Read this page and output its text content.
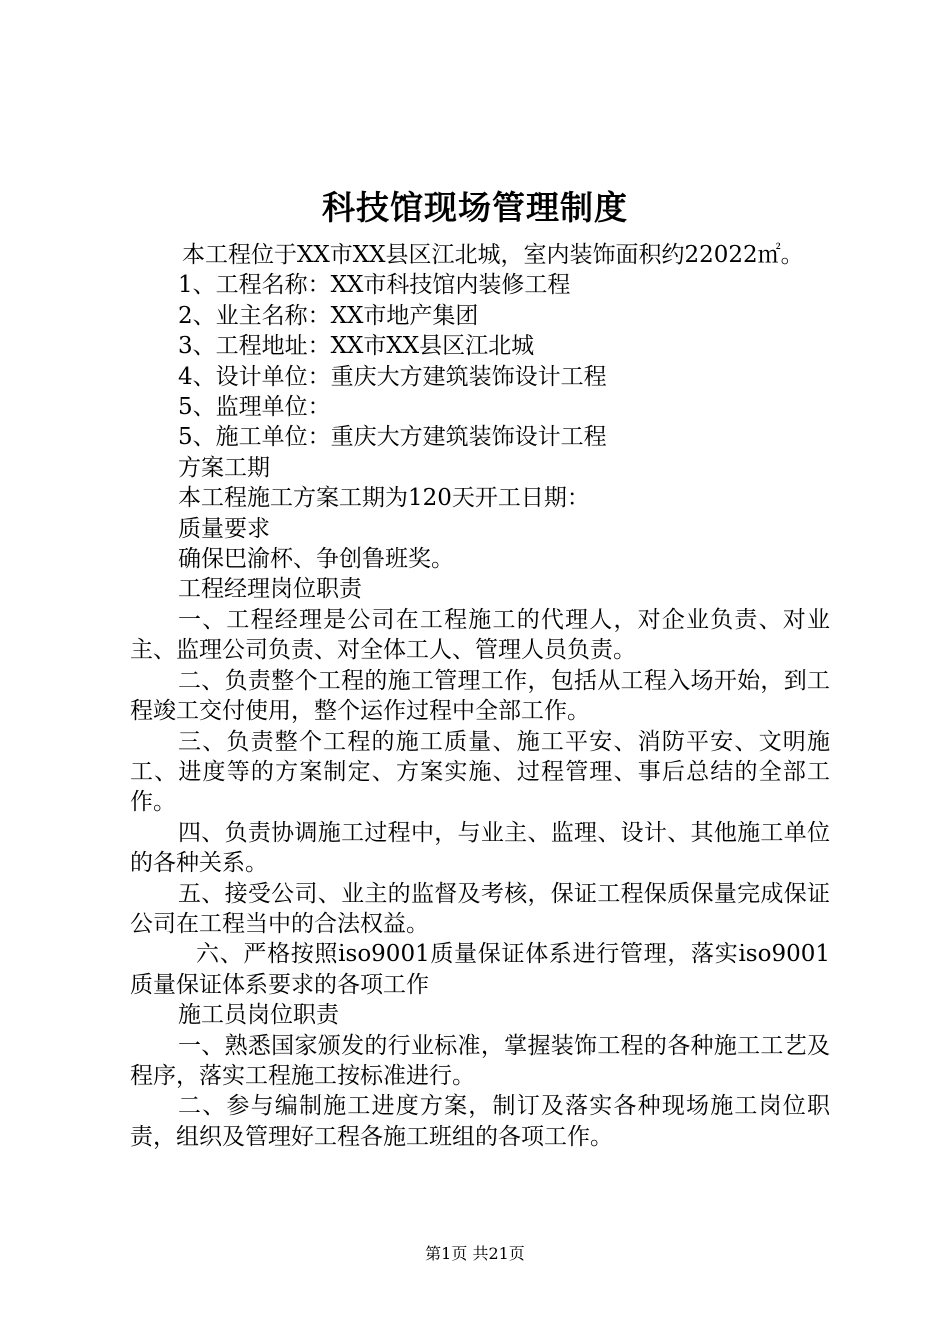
科技馆现场管理制度

本工程位于XX市XX县区江北城，室内装饰面积约22022㎡。

1、工程名称：XX市科技馆内装修工程

2、业主名称：XX市地产集团

3、工程地址：XX市XX县区江北城

4、设计单位：重庆大方建筑装饰设计工程

5、监理单位：

5、施工单位：重庆大方建筑装饰设计工程

方案工期

本工程施工方案工期为120天开工日期：

质量要求

确保巴渝杯、争创鲁班奖。

工程经理岗位职责

一、工程经理是公司在工程施工的代理人，对企业负责、对业主、监理公司负责、对全体工人、管理人员负责。

二、负责整个工程的施工管理工作，包括从工程入场开始，到工程竣工交付使用，整个运作过程中全部工作。

三、负责整个工程的施工质量、施工平安、消防平安、文明施工、进度等的方案制定、方案实施、过程管理、事后总结的全部工作。

四、负责协调施工过程中，与业主、监理、设计、其他施工单位的各种关系。

五、接受公司、业主的监督及考核，保证工程保质保量完成保证公司在工程当中的合法权益。

六、严格按照iso9001质量保证体系进行管理，落实iso9001质量保证体系要求的各项工作

施工员岗位职责

一、熟悉国家颁发的行业标准，掌握装饰工程的各种施工工艺及程序，落实工程施工按标准进行。

二、参与编制施工进度方案，制订及落实各种现场施工岗位职责，组织及管理好工程各施工班组的各项工作。

第1页 共21页
